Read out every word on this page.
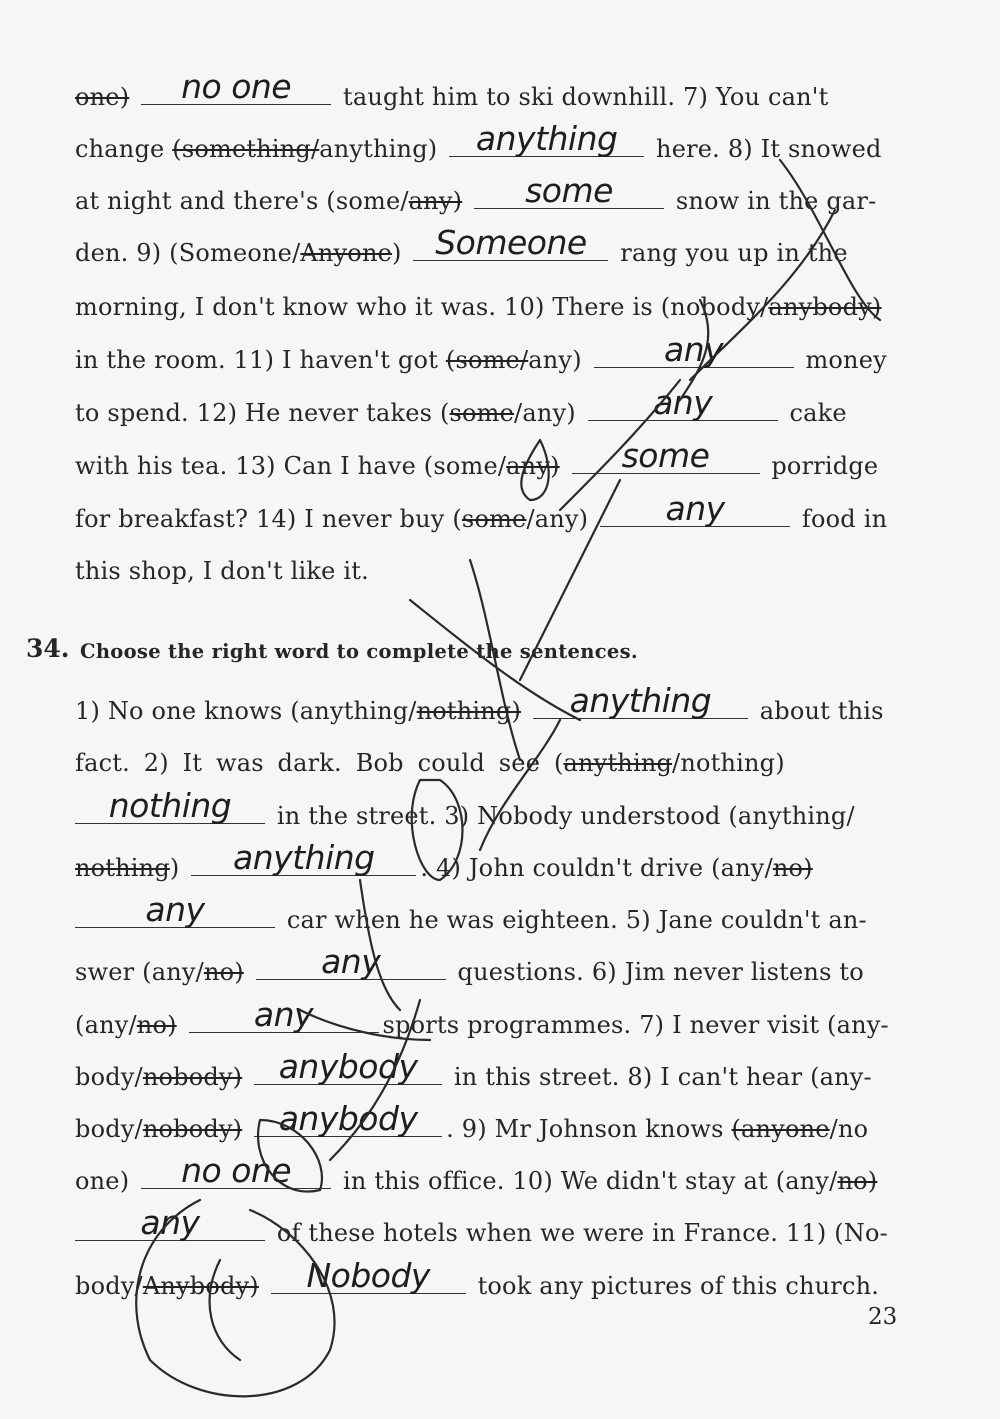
one)	no one	taught him to ski downhill. 7) You can't
change (something/anything)	anything	here. 8) It snowed
at night and there's (some/any)	some	snow in the gar-
den. 9) (Someone/Anyone)	Someone	rang you up in the
morning, I don't know who it was. 10) There is (nobody/anybody)
in the room. 11) I haven't got (some/any)	any	money
to spend. 12) He never takes (some/any)	any	cake
with his tea. 13) Can I have (some/any)	some	porridge
for breakfast? 14) I never buy (some/any)	any	food in
this shop, I don't like it.
34. Choose the right word to complete the sentences.
1) No one knows (anything/nothing)	anything	about this
fact. 2) It was dark. Bob could see (anything/nothing)
nothing	in the street. 3) Nobody understood (anything/
nothing)	anything	. 4) John couldn't drive (any/no)
any	car when he was eighteen. 5) Jane couldn't an-
swer (any/no)	any	questions. 6) Jim never listens to
(any/no)	any	sports programmes. 7) I never visit (any-
body/nobody)	anybody	in this street. 8) I can't hear (any-
body/nobody)	anybody	. 9) Mr Johnson knows (anyone/no
one)	no one	in this office. 10) We didn't stay at (any/no)
any	of these hotels when we were in France. 11) (No-
body/Anybody)	Nobody	took any pictures of this church.
23
